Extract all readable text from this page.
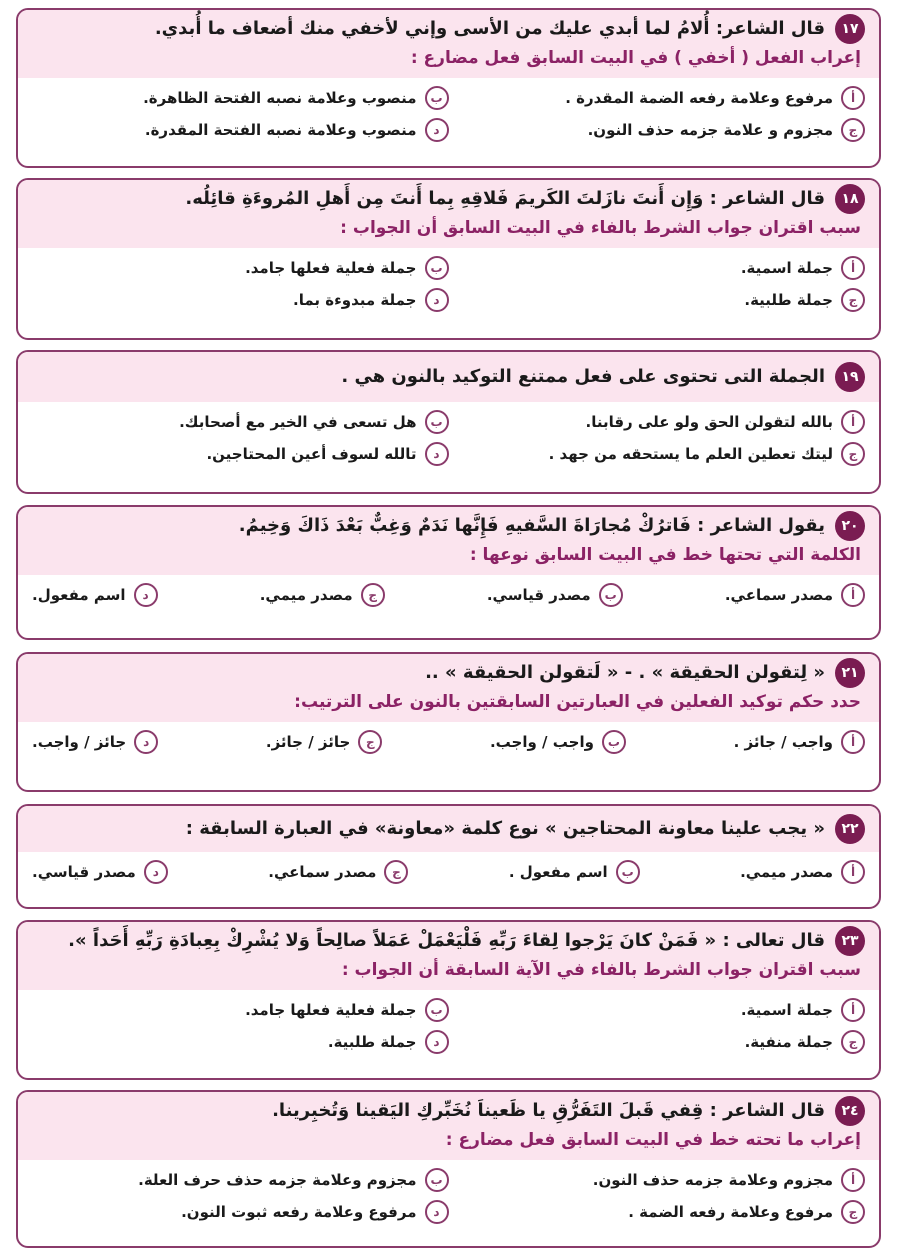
١٧
قال الشاعر: أُلامُ لما أبدي عليك من الأسى وإني لأخفي منك أضعاف ما أُبدي.
إعراب الفعل ( أخفي ) في البيت السابق فعل مضارع :
أ
مرفوع وعلامة رفعه الضمة المقدرة .
ب
منصوب وعلامة نصبه الفتحة الظاهرة.
ج
مجزوم و علامة جزمه حذف النون.
د
منصوب وعلامة نصبه الفتحة المقدرة.
١٨
قال الشاعر : وَإِن أَنتَ نازَلتَ الكَريمَ فَلاقِهِ بِما أَنتَ مِن أَهلِ المُروءَةِ قائِلُه.
سبب اقتران جواب الشرط بالفاء في البيت السابق أن الجواب :
أ
جملة اسمية.
ب
جملة فعلية فعلها جامد.
ج
جملة طلبية.
د
جملة مبدوءة بما.
١٩
الجملة التى تحتوى على فعل ممتنع التوكيد بالنون هي .
أ
بالله لتقولن الحق ولو على رقابنا.
ب
هل تسعى في الخير مع أصحابك.
ج
ليتك تعطين العلم ما يستحقه من جهد .
د
تالله لسوف أعين المحتاجين.
٢٠
يقول الشاعر : فَاترُكْ مُجارَاةَ السَّفيهِ فَإِنَّها نَدَمٌ وَغِبٌّ بَعْدَ ذَاكَ وَخِيمُ.
الكلمة التي تحتها خط في البيت السابق نوعها :
أ
مصدر سماعي.
ب
مصدر قياسي.
ج
مصدر ميمي.
د
اسم مفعول.
٢١
« لِتقولن الحقيقة » . - « لَتقولن الحقيقة » ..
حدد حكم توكيد الفعلين في العبارتين السابقتين بالنون على الترتيب:
أ
واجب / جائز .
ب
واجب / واجب.
ج
جائز / جائز.
د
جائز / واجب.
٢٢
« يجب علينا معاونة المحتاجين » نوع كلمة «معاونة» في العبارة السابقة :
أ
مصدر ميمي.
ب
اسم مفعول .
ج
مصدر سماعي.
د
مصدر قياسي.
٢٣
قال تعالى : « فَمَنْ كانَ يَرْجوا لِقاءَ رَبِّهِ فَلْيَعْمَلْ عَمَلاً صالِحاً وَلا يُشْرِكْ بِعِبادَةِ رَبِّهِ أَحَداً ».
سبب اقتران جواب الشرط بالفاء في الآية السابقة أن الجواب :
أ
جملة اسمية.
ب
جملة فعلية فعلها جامد.
ج
جملة منفية.
د
جملة طلبية.
٢٤
قال الشاعر : قِفي قَبلَ التَفَرُّقِ يا ظَعيناَ نُخَبِّركِ اليَقينا وَتُخبِرينا.
إعراب ما تحته خط في البيت السابق فعل مضارع :
أ
مجزوم وعلامة جزمه حذف النون.
ب
مجزوم وعلامة جزمه حذف حرف العلة.
ج
مرفوع وعلامة رفعه الضمة .
د
مرفوع وعلامة رفعه ثبوت النون.
